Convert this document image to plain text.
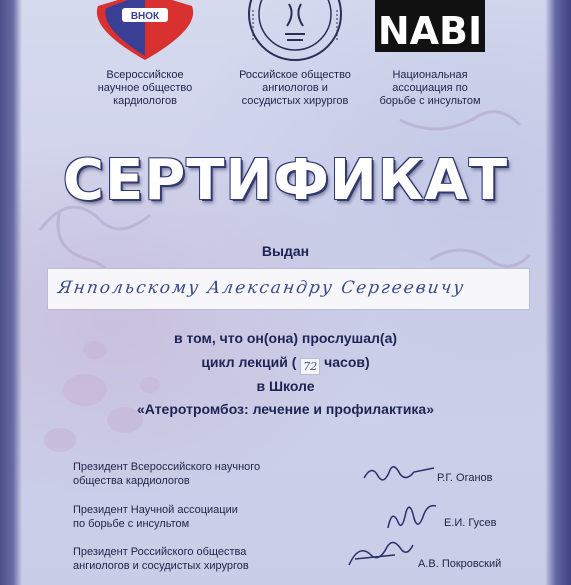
ВНОК
Всероссийское
научное общество
кардиологов
Российское общество
ангиологов и
сосудистых хирургов
NABI
Национальная
ассоциация по
борьбе с инсультом
СЕРТИФИКАТ
Выдан
Янпольскому Александру Сергеевичу
в том, что он(она) прослушал(а)
цикл лекций ( 72 часов)
в Школе
«Атеротромбоз: лечение и профилактика»
Президент Всероссийского научного
общества кардиологов	Р.Г. Оганов
Президент Научной ассоциации
по борьбе с инсультом	Е.И. Гусев
Президент Российского общества
ангиологов и сосудистых хирургов	А.В. Покровский
